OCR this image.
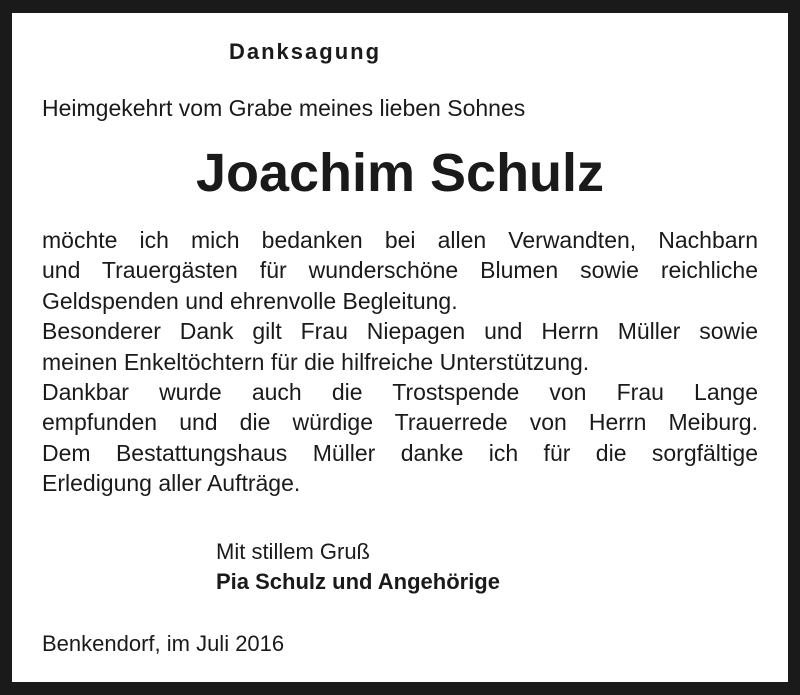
Danksagung
Heimgekehrt vom Grabe meines lieben Sohnes
Joachim Schulz
möchte ich mich bedanken bei allen Verwandten, Nachbarn
und Trauergästen für wunderschöne Blumen sowie reichliche
Geldspenden und ehrenvolle Begleitung.
Besonderer Dank gilt Frau Niepagen und Herrn Müller sowie
meinen Enkeltöchtern für die hilfreiche Unterstützung.
Dankbar wurde auch die Trostspende von Frau Lange
empfunden und die würdige Trauerrede von Herrn Meiburg.
Dem Bestattungshaus Müller danke ich für die sorgfältige
Erledigung aller Aufträge.
Mit stillem Gruß
Pia Schulz und Angehörige
Benkendorf, im Juli 2016
